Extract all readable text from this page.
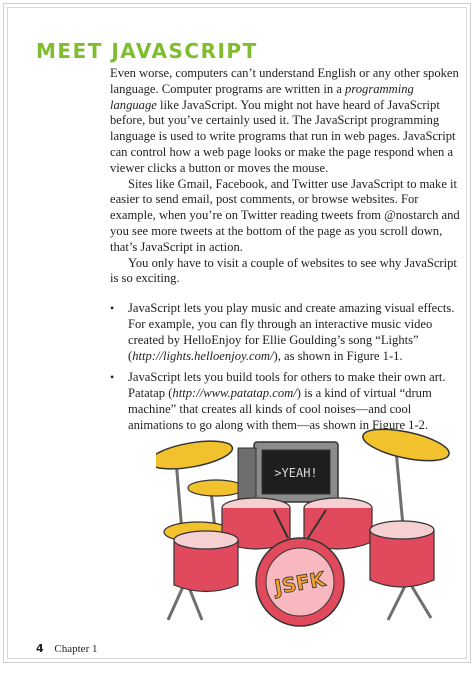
MEET JAVASCRIPT

Even worse, computers can’t understand English or any other spoken language. Computer programs are written in a programming language like JavaScript. You might not have heard of JavaScript before, but you’ve certainly used it. The JavaScript programming language is used to write programs that run in web pages. JavaScript can control how a web page looks or make the page respond when a viewer clicks a button or moves the mouse.

Sites like Gmail, Facebook, and Twitter use JavaScript to make it easier to send email, post comments, or browse websites. For example, when you’re on Twitter reading tweets from @nostarch and you see more tweets at the bottom of the page as you scroll down, that’s JavaScript in action.

You only have to visit a couple of websites to see why JavaScript is so exciting.

• JavaScript lets you play music and create amazing visual effects. For example, you can fly through an interactive music video created by HelloEnjoy for Ellie Goulding’s song “Lights” (http://lights.helloenjoy.com/), as shown in Figure 1-1.
• JavaScript lets you build tools for others to make their own art. Patatap (http://www.patatap.com/) is a kind of virtual “drum machine” that creates all kinds of cool noises—and cool animations to go along with them—as shown in Figure 1-2.
>YEAH!
JSFK
4 Chapter 1
